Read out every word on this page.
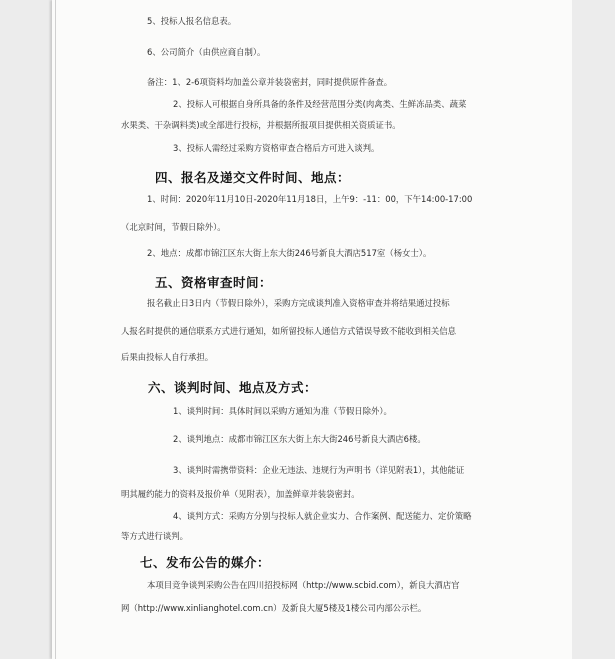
5、投标人报名信息表。
6、公司简介（由供应商自制）。
备注：1、2-6项资料均加盖公章并装袋密封，同时提供原件备查。
2、投标人可根据自身所具备的条件及经营范围分类(肉禽类、生鲜冻品类、蔬菜
水果类、干杂调料类)或全部进行投标，并根据所报项目提供相关资质证书。
3、投标人需经过采购方资格审查合格后方可进入谈判。
四、报名及递交文件时间、地点：
1、时间：2020年11月10日-2020年11月18日，上午9：-11：00，下午14:00-17:00
（北京时间，节假日除外）。
2、地点：成都市锦江区东大街上东大街246号新良大酒店517室（杨女士）。
五、资格审查时间：
报名截止日3日内（节假日除外），采购方完成谈判准入资格审查并将结果通过投标
人报名时提供的通信联系方式进行通知，如所留投标人通信方式错误导致不能收到相关信息
后果由投标人自行承担。
六、谈判时间、地点及方式：
1、谈判时间：具体时间以采购方通知为准（节假日除外）。
2、谈判地点：成都市锦江区东大街上东大街246号新良大酒店6楼。
3、谈判时需携带资料：企业无违法、违规行为声明书（详见附表1），其他能证
明其履约能力的资料及报价单（见附表），加盖鲜章并装袋密封。
4、谈判方式：采购方分别与投标人就企业实力、合作案例、配送能力、定价策略
等方式进行谈判。
七、发布公告的媒介：
本项目竞争谈判采购公告在四川招投标网（http://www.scbid.com），新良大酒店官
网（http://www.xinlianghotel.com.cn）及新良大厦5楼及1楼公司内部公示栏。
